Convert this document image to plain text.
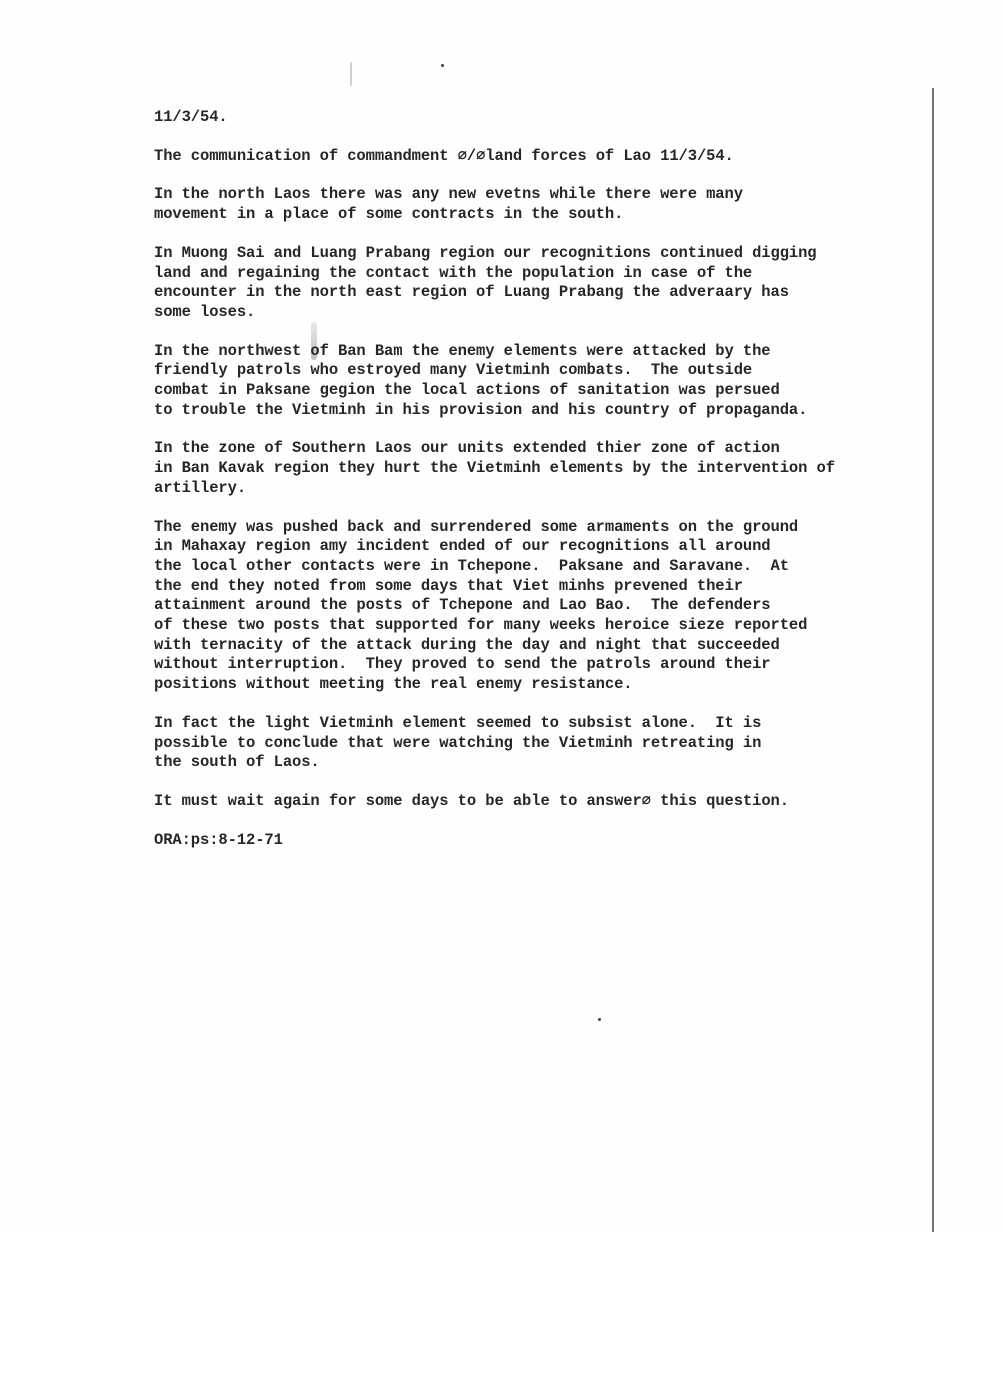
11/3/54.

The communication of commandment ∅/∅land forces of Lao 11/3/54.

In the north Laos there was any new evetns while there were many

movement in a place of some contracts in the south.

In Muong Sai and Luang Prabang region our recognitions continued digging

land and regaining the contact with the population in case of the

encounter in the north east region of Luang Prabang the adveraary has

some loses.

In the northwest of Ban Bam the enemy elements were attacked by the

friendly patrols who estroyed many Vietminh combats.  The outside

combat in Paksane gegion the local actions of sanitation was persued

to trouble the Vietminh in his provision and his country of propaganda.

In the zone of Southern Laos our units extended thier zone of action

in Ban Kavak region they hurt the Vietminh elements by the intervention of

artillery.

The enemy was pushed back and surrendered some armaments on the ground

in Mahaxay region amy incident ended of our recognitions all around

the local other contacts were in Tchepone.  Paksane and Saravane.  At

the end they noted from some days that Viet minhs prevened their

attainment around the posts of Tchepone and Lao Bao.  The defenders

of these two posts that supported for many weeks heroice sieze reported

with ternacity of the attack during the day and night that succeeded

without interruption.  They proved to send the patrols around their

positions without meeting the real enemy resistance.

In fact the light Vietminh element seemed to subsist alone.  It is

possible to conclude that were watching the Vietminh retreating in

the south of Laos.

It must wait again for some days to be able to answer∅ this question.

ORA:ps:8-12-71
